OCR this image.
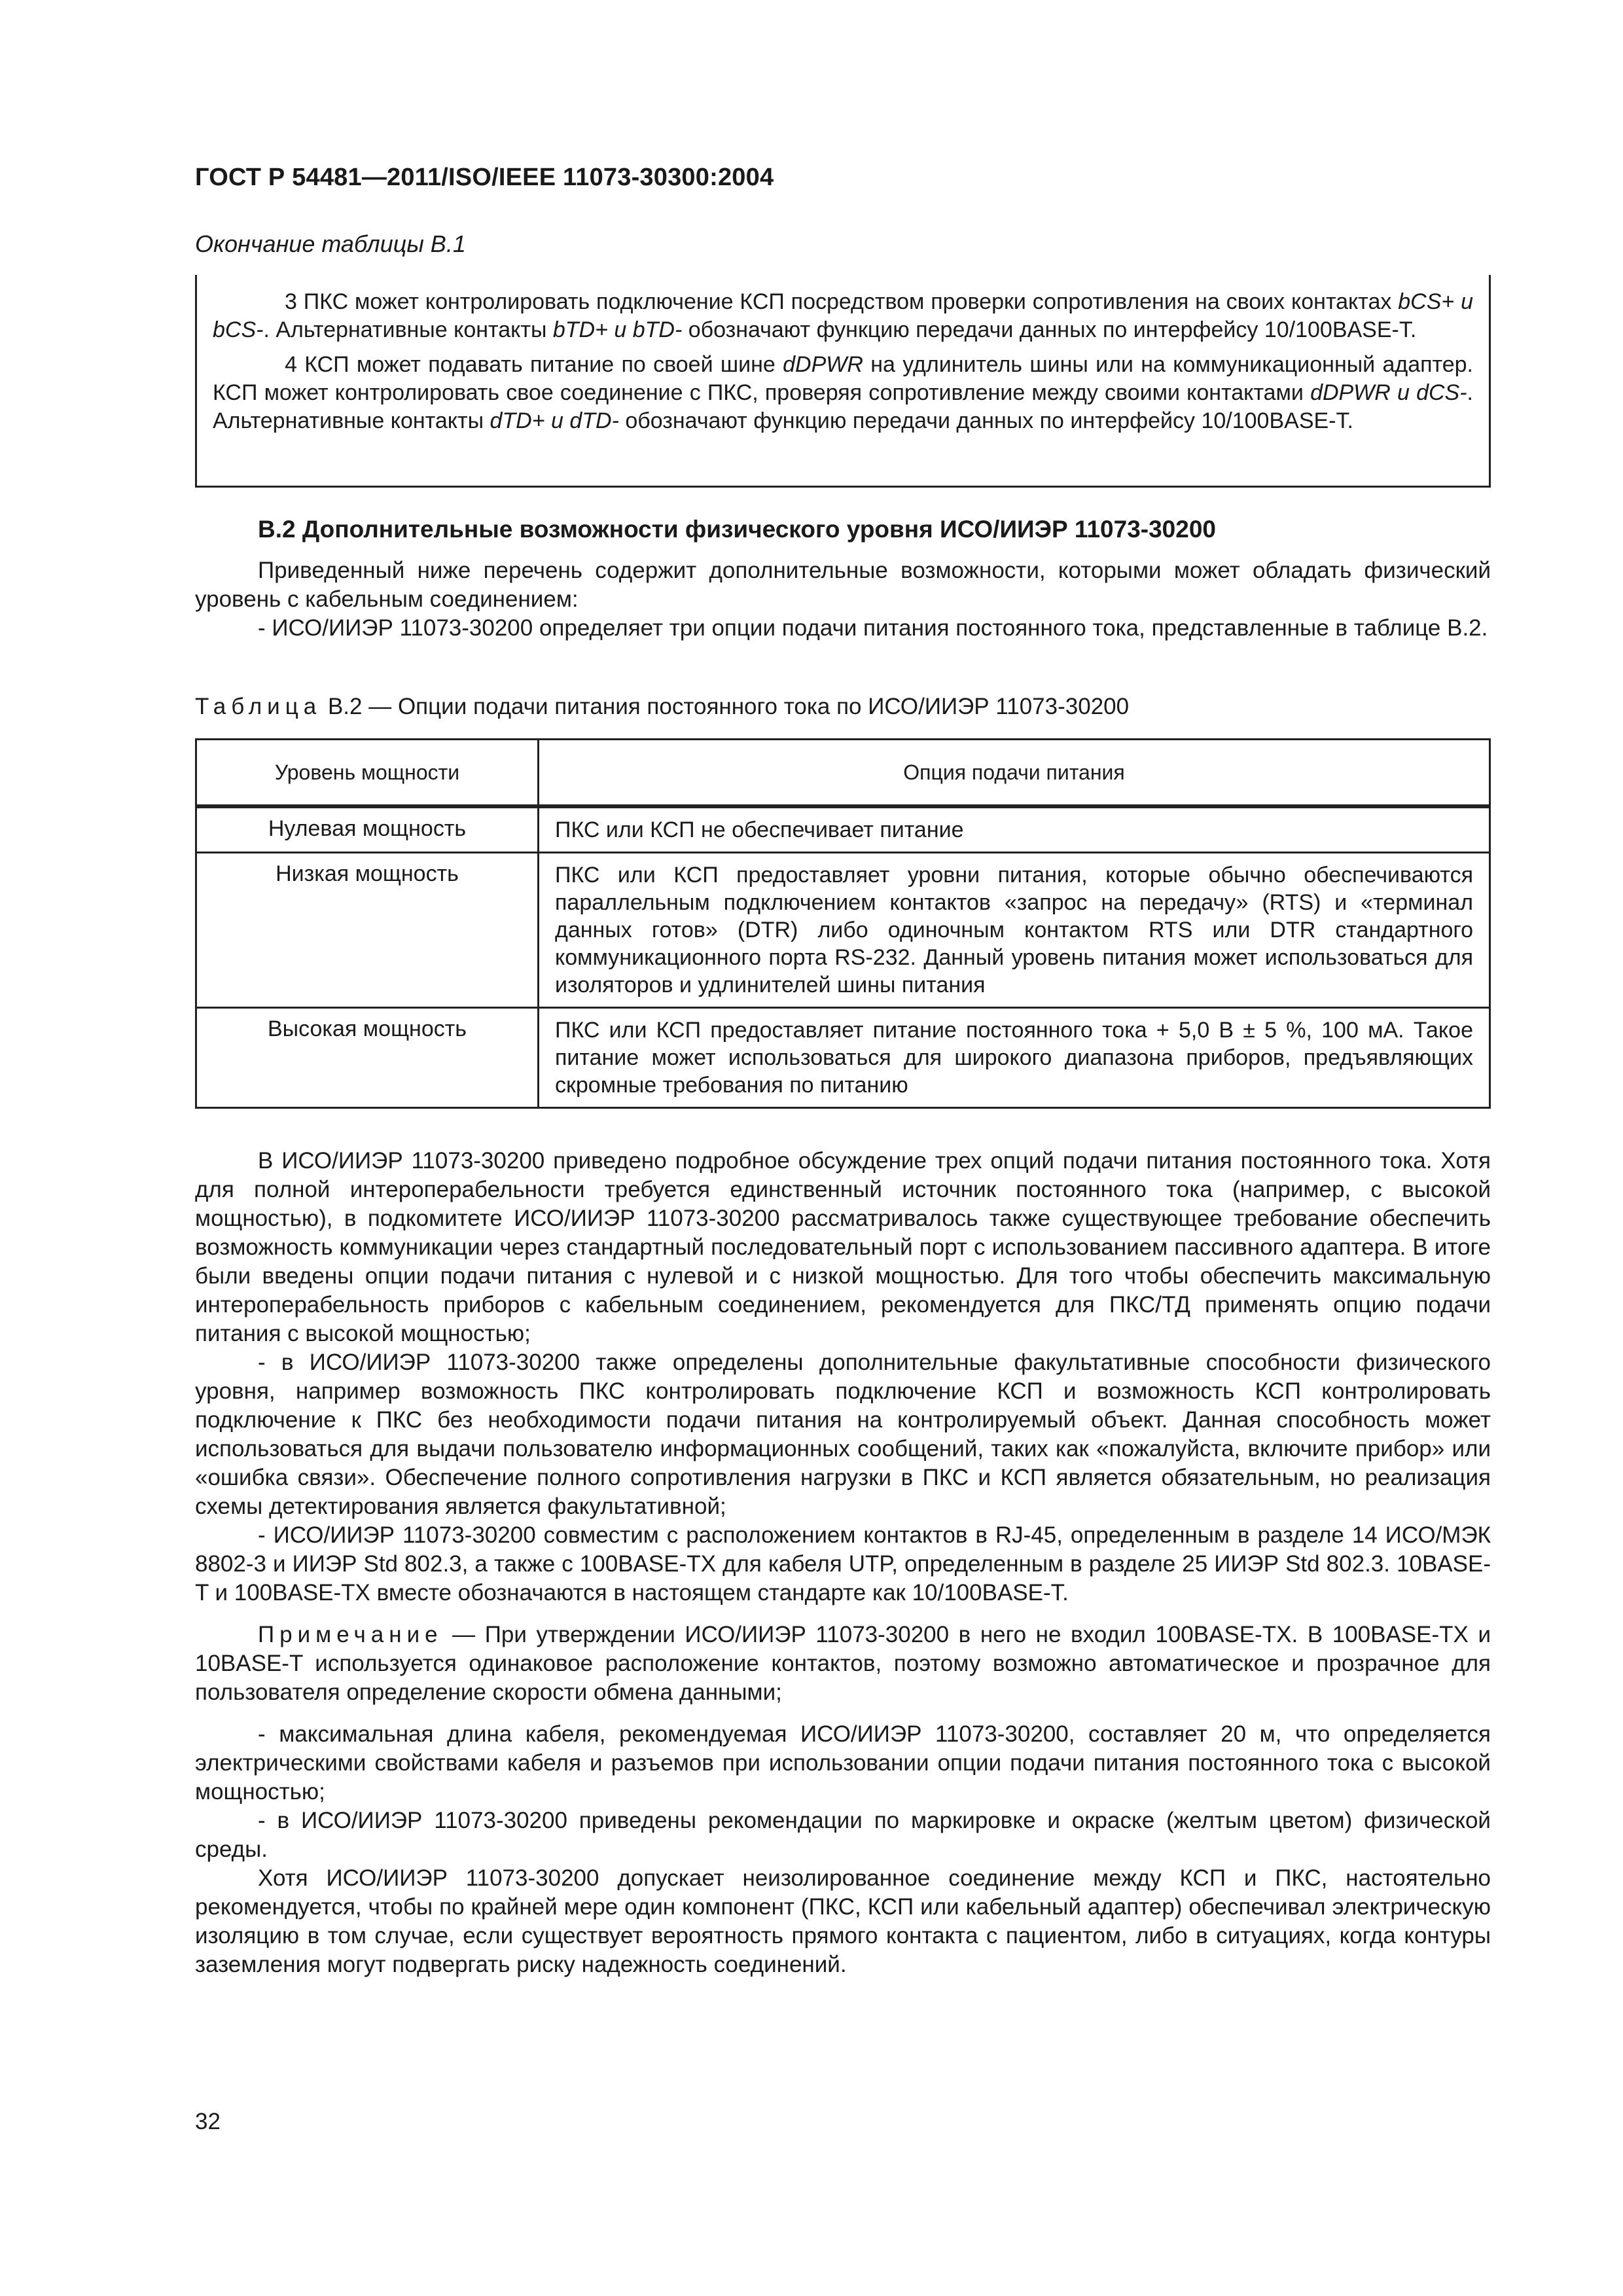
ГОСТ Р 54481—2011/ISO/IEEE 11073-30300:2004
Окончание таблицы В.1

3 ПКС может контролировать подключение КСП посредством проверки сопротивления на своих контактах bCS+ и bCS-. Альтернативные контакты bTD+ и bTD- обозначают функцию передачи данных по интерфейсу 10/100BASE-T.

4 КСП может подавать питание по своей шине dDPWR на удлинитель шины или на коммуникационный адаптер. КСП может контролировать свое соединение с ПКС, проверяя сопротивление между своими контактами dDPWR и dCS-. Альтернативные контакты dTD+ и dTD- обозначают функцию передачи данных по интерфейсу 10/100BASE-T.

В.2 Дополнительные возможности физического уровня ИСО/ИИЭР 11073-30200

Приведенный ниже перечень содержит дополнительные возможности, которыми может обладать физический уровень с кабельным соединением:

- ИСО/ИИЭР 11073-30200 определяет три опции подачи питания постоянного тока, представленные в таблице В.2.

Таблица В.2 — Опции подачи питания постоянного тока по ИСО/ИИЭР 11073-30200
Уровень мощности	Опция подачи питания
Нулевая мощность	ПКС или КСП не обеспечивает питание
Низкая мощность	ПКС или КСП предоставляет уровни питания, которые обычно обеспечиваются параллельным подключением контактов «запрос на передачу» (RTS) и «терминал данных готов» (DTR) либо одиночным контактом RTS или DTR стандартного коммуникационного порта RS-232. Данный уровень питания может использоваться для изоляторов и удлинителей шины питания
Высокая мощность	ПКС или КСП предоставляет питание постоянного тока + 5,0 В ± 5 %, 100 мА. Такое питание может использоваться для широкого диапазона приборов, предъявляющих скромные требования по питанию

В ИСО/ИИЭР 11073-30200 приведено подробное обсуждение трех опций подачи питания постоянного тока. Хотя для полной интероперабельности требуется единственный источник постоянного тока (например, с высокой мощностью), в подкомитете ИСО/ИИЭР 11073-30200 рассматривалось также существующее требование обеспечить возможность коммуникации через стандартный последовательный порт с использованием пассивного адаптера. В итоге были введены опции подачи питания с нулевой и с низкой мощностью. Для того чтобы обеспечить максимальную интероперабельность приборов с кабельным соединением, рекомендуется для ПКС/ТД применять опцию подачи питания с высокой мощностью;

- в ИСО/ИИЭР 11073-30200 также определены дополнительные факультативные способности физического уровня, например возможность ПКС контролировать подключение КСП и возможность КСП контролировать подключение к ПКС без необходимости подачи питания на контролируемый объект. Данная способность может использоваться для выдачи пользователю информационных сообщений, таких как «пожалуйста, включите прибор» или «ошибка связи». Обеспечение полного сопротивления нагрузки в ПКС и КСП является обязательным, но реализация схемы детектирования является факультативной;

- ИСО/ИИЭР 11073-30200 совместим с расположением контактов в RJ-45, определенным в разделе 14 ИСО/МЭК 8802-3 и ИИЭР Std 802.3, а также с 100BASE-TX для кабеля UTP, определенным в разделе 25 ИИЭР Std 802.3. 10BASE-T и 100BASE-TX вместе обозначаются в настоящем стандарте как 10/100BASE-T.

Примечание — При утверждении ИСО/ИИЭР 11073-30200 в него не входил 100BASE-TX. В 100BASE-TX и 10BASE-T используется одинаковое расположение контактов, поэтому возможно автоматическое и прозрачное для пользователя определение скорости обмена данными;

- максимальная длина кабеля, рекомендуемая ИСО/ИИЭР 11073-30200, составляет 20 м, что определяется электрическими свойствами кабеля и разъемов при использовании опции подачи питания постоянного тока с высокой мощностью;

- в ИСО/ИИЭР 11073-30200 приведены рекомендации по маркировке и окраске (желтым цветом) физической среды.

Хотя ИСО/ИИЭР 11073-30200 допускает неизолированное соединение между КСП и ПКС, настоятельно рекомендуется, чтобы по крайней мере один компонент (ПКС, КСП или кабельный адаптер) обеспечивал электрическую изоляцию в том случае, если существует вероятность прямого контакта с пациентом, либо в ситуациях, когда контуры заземления могут подвергать риску надежность соединений.

32
